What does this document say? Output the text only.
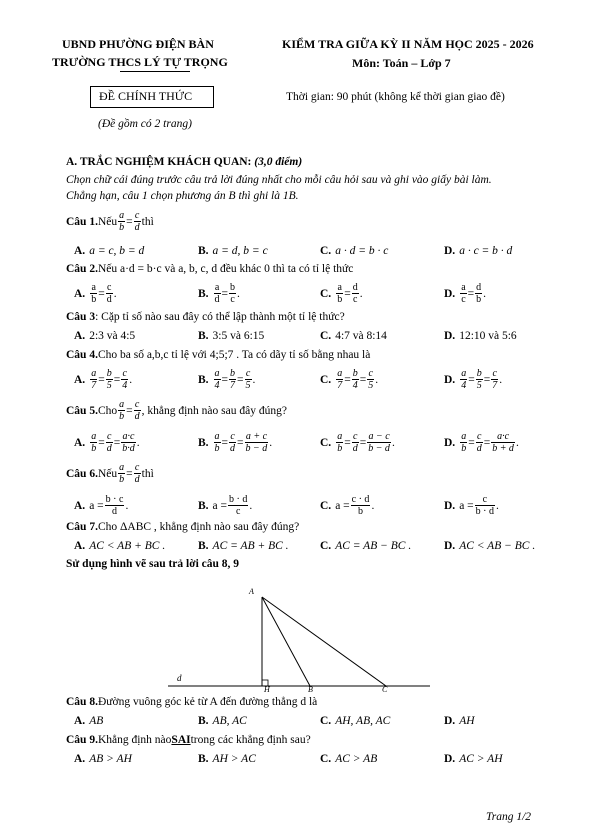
UBND PHƯỜNG ĐIỆN BÀN
TRƯỜNG THCS LÝ TỰ TRỌNG
KIỂM TRA GIỮA KỲ II NĂM HỌC 2025 - 2026
Môn: Toán – Lớp 7
ĐỀ CHÍNH THỨC
(Đề gồm có 2 trang)
Thời gian: 90 phút (không kể thời gian giao đề)
A. TRẮC NGHIỆM KHÁCH QUAN: (3,0 điểm)
Chọn chữ cái đúng trước câu trả lời đúng nhất cho mỗi câu hỏi sau và ghi vào giấy bài làm.
Chẳng hạn, câu 1 chọn phương án B thì ghi là 1B.
Câu 1. Nếu $\frac{a}{b} = \frac{c}{d}$ thì
A. a = c, b = d	B. a = d, b = c	C. a · d = b · c	D. a · c = b · d
Câu 2. Nếu a·d = b·c và a, b, c, d đều khác 0 thì ta có tỉ lệ thức
A. $\frac{a}{b} = \frac{c}{d}$ .	B. $\frac{a}{d} = \frac{b}{c}$ .	C. $\frac{a}{b} = \frac{d}{c}$ .	D. $\frac{a}{c} = \frac{d}{b}$ .
Câu 3 : Cặp tỉ số nào sau đây có thể lập thành một tỉ lệ thức?
A. 2:3 và 4:5	B. 3:5 và 6:15	C. 4:7 và 8:14	D. 12:10 và 5:6
Câu 4. Cho ba số a,b,c tỉ lệ với 4;5;7 . Ta có dãy tỉ số bằng nhau là
A. $\frac{a}{7} = \frac{b}{5} = \frac{c}{4}$ .	B. $\frac{a}{4} = \frac{b}{7} = \frac{c}{5}$ .	C. $\frac{a}{7} = \frac{b}{4} = \frac{c}{5}$ .	D. $\frac{a}{4} = \frac{b}{5} = \frac{c}{7}$ .
Câu 5. Cho $\frac{a}{b} = \frac{c}{d}$ , khẳng định nào sau đây đúng?
A. $\frac{a}{b} = \frac{c}{d} = \frac{a\cdot c}{b\cdot d}$ .	B. $\frac{a}{b} = \frac{c}{d} = \frac{a + c}{b - d}$ .	C. $\frac{a}{b} = \frac{c}{d} = \frac{a - c}{b - d}$ .	D. $\frac{a}{b} = \frac{c}{d} = \frac{a\cdot c}{b + d}$ .
Câu 6. Nếu $\frac{a}{b} = \frac{c}{d}$ thì
A. $a = \frac{b \cdot c}{d}$ .	B. $a = \frac{b \cdot d}{c}$ .	C. $a = \frac{c \cdot d}{b}$ .	D. $a = \frac{c}{b \cdot d}$ .
Câu 7. Cho ΔABC , khẳng định nào sau đây đúng?
A. AC < AB + BC .	B. AC = AB + BC .	C. AC = AB − BC .	D. AC < AB − BC .
Sử dụng hình vẽ sau trả lời câu 8, 9
A
H	B	C
d
Câu 8. Đường vuông góc kẻ từ A đến đường thẳng d là
A. AB	B. AB, AC	C. AH, AB, AC	D. AH
Câu 9. Khẳng định nào SAI trong các khẳng định sau?
A. AB > AH	B. AH > AC	C. AC > AB	D. AC > AH
Trang 1/2
